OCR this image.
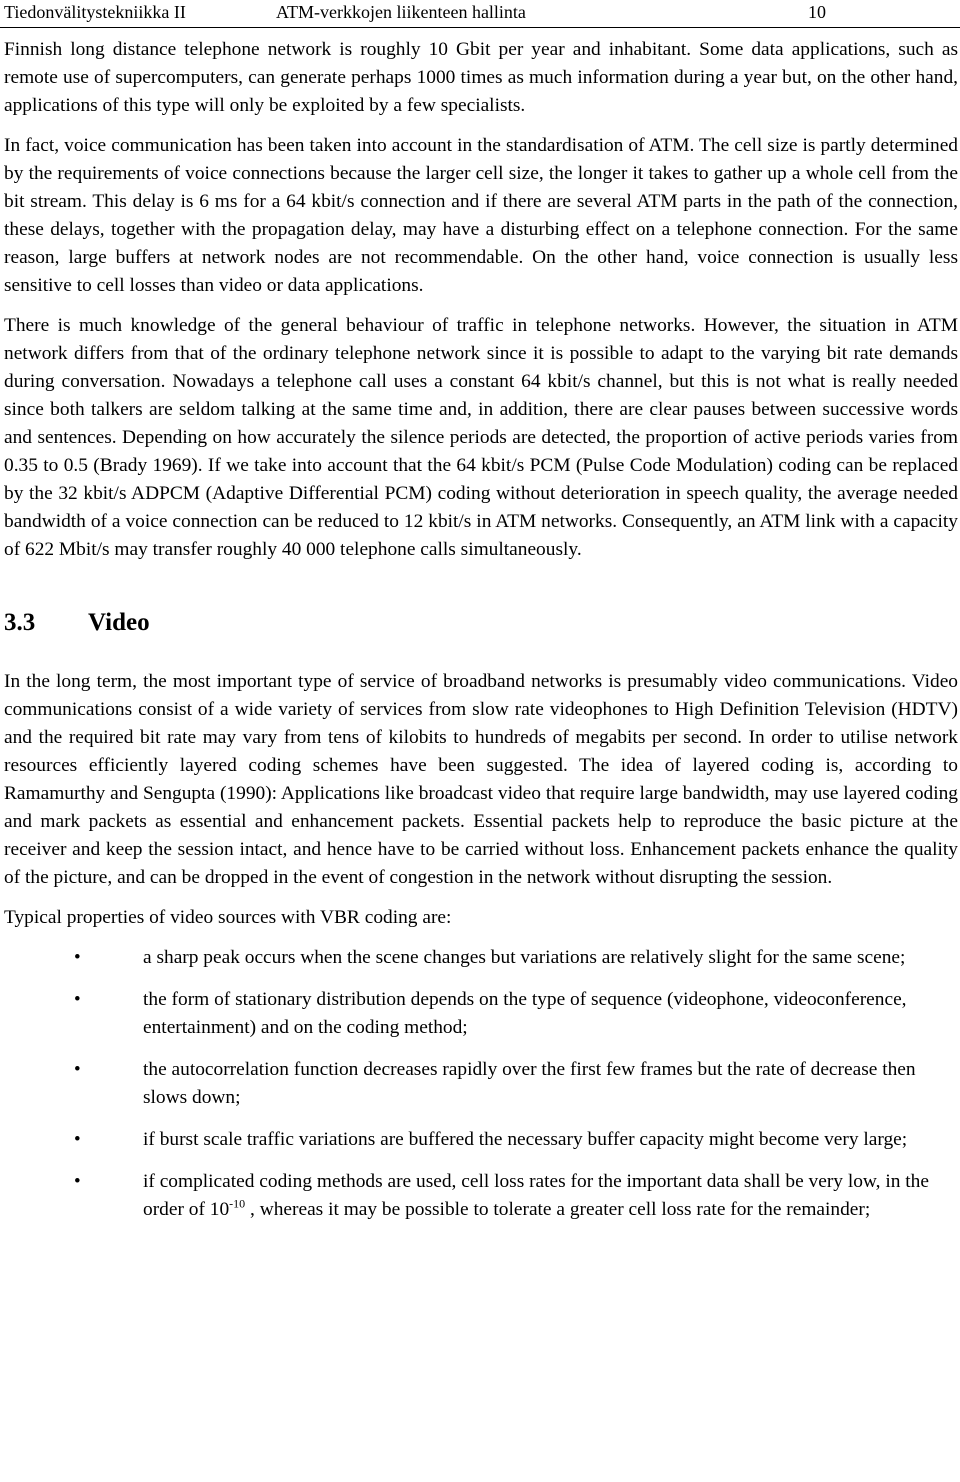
Tiedonvälitystekniikka II	ATM-verkkojen liikenteen hallinta	10

Finnish long distance telephone network is roughly 10 Gbit per year and inhabitant. Some data applications, such as remote use of supercomputers, can generate perhaps 1000 times as much information during a year but, on the other hand, applications of this type will only be exploited by a few specialists.

In fact, voice communication has been taken into account in the standardisation of ATM. The cell size is partly determined by the requirements of voice connections because the larger cell size, the longer it takes to gather up a whole cell from the bit stream. This delay is 6 ms for a 64 kbit/s connection and if there are several ATM parts in the path of the connection, these delays, together with the propagation delay, may have a disturbing effect on a telephone connection. For the same reason, large buffers at network nodes are not recommendable. On the other hand, voice connection is usually less sensitive to cell losses than video or data applications.

There is much knowledge of the general behaviour of traffic in telephone networks. However, the situation in ATM network differs from that of the ordinary telephone network since it is possible to adapt to the varying bit rate demands during conversation. Nowadays a telephone call uses a constant 64 kbit/s channel, but this is not what is really needed since both talkers are seldom talking at the same time and, in addition, there are clear pauses between successive words and sentences. Depending on how accurately the silence periods are detected, the proportion of active periods varies from 0.35 to 0.5 (Brady 1969). If we take into account that the 64 kbit/s PCM (Pulse Code Modulation) coding can be replaced by the 32 kbit/s ADPCM (Adaptive Differential PCM) coding without deterioration in speech quality, the average needed bandwidth of a voice connection can be reduced to 12 kbit/s in ATM networks. Consequently, an ATM link with a capacity of 622 Mbit/s may transfer roughly 40 000 telephone calls simultaneously.

3.3 Video

In the long term, the most important type of service of broadband networks is presumably video communications. Video communications consist of a wide variety of services from slow rate videophones to High Definition Television (HDTV) and the required bit rate may vary from tens of kilobits to hundreds of megabits per second. In order to utilise network resources efficiently layered coding schemes have been suggested. The idea of layered coding is, according to Ramamurthy and Sengupta (1990): Applications like broadcast video that require large bandwidth, may use layered coding and mark packets as essential and enhancement packets. Essential packets help to reproduce the basic picture at the receiver and keep the session intact, and hence have to be carried without loss. Enhancement packets enhance the quality of the picture, and can be dropped in the event of congestion in the network without disrupting the session.

Typical properties of video sources with VBR coding are:

•	a sharp peak occurs when the scene changes but variations are relatively slight for the same scene;
•	the form of stationary distribution depends on the type of sequence (videophone, videoconference, entertainment) and on the coding method;
•	the autocorrelation function decreases rapidly over the first few frames but the rate of decrease then slows down;
•	if burst scale traffic variations are buffered the necessary buffer capacity might become very large;
•	if complicated coding methods are used, cell loss rates for the important data shall be very low, in the order of $10^{-10}$ , whereas it may be possible to tolerate a greater cell loss rate for the remainder;
